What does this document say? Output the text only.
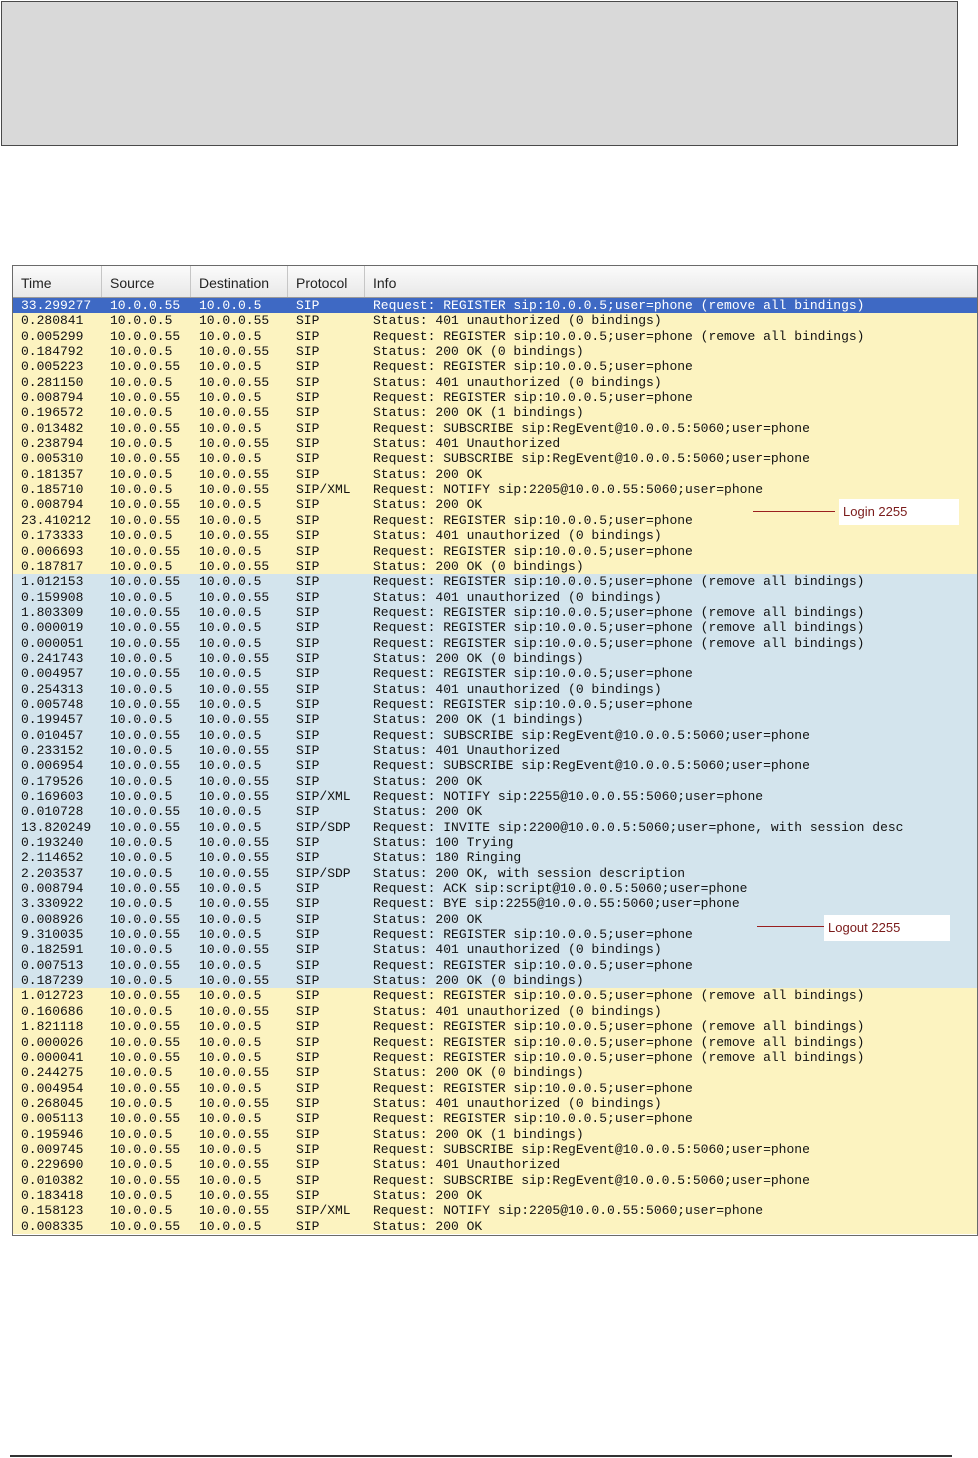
Time	Source	Destination	Protocol	Info
33.299277 10.0.0.55 10.0.0.5	SIP	Request: REGISTER sip:10.0.0.5;user=phone (remove all bindings)
0.280841 10.0.0.5 10.0.0.55 SIP	Status: 401 unauthorized (0 bindings)
0.005299 10.0.0.55 10.0.0.5	SIP	Request: REGISTER sip:10.0.0.5;user=phone (remove all bindings)
0.184792 10.0.0.5 10.0.0.55 SIP	Status: 200 OK (0 bindings)
0.005223 10.0.0.55 10.0.0.5	SIP	Request: REGISTER sip:10.0.0.5;user=phone
0.281150 10.0.0.5 10.0.0.55 SIP	Status: 401 unauthorized (0 bindings)
0.008794 10.0.0.55 10.0.0.5	SIP	Request: REGISTER sip:10.0.0.5;user=phone
0.196572 10.0.0.5 10.0.0.55 SIP	Status: 200 OK (1 bindings)
0.013482 10.0.0.55 10.0.0.5	SIP	Request: SUBSCRIBE sip:RegEvent@10.0.0.5:5060;user=phone
0.238794 10.0.0.5 10.0.0.55 SIP	Status: 401 Unauthorized
0.005310 10.0.0.55 10.0.0.5	SIP	Request: SUBSCRIBE sip:RegEvent@10.0.0.5:5060;user=phone
0.181357 10.0.0.5 10.0.0.55 SIP	Status: 200 OK
0.185710 10.0.0.5 10.0.0.55 SIP/XML Request: NOTIFY sip:2205@10.0.0.55:5060;user=phone
0.008794 10.0.0.55 10.0.0.5	SIP	Status: 200 OK
23.410212 10.0.0.55 10.0.0.5	SIP	Request: REGISTER sip:10.0.0.5;user=phone
0.173333 10.0.0.5 10.0.0.55 SIP	Status: 401 unauthorized (0 bindings)
0.006693 10.0.0.55 10.0.0.5	SIP	Request: REGISTER sip:10.0.0.5;user=phone
0.187817 10.0.0.5 10.0.0.55 SIP	Status: 200 OK (0 bindings)
1.012153 10.0.0.55 10.0.0.5	SIP	Request: REGISTER sip:10.0.0.5;user=phone (remove all bindings)
0.159908 10.0.0.5 10.0.0.55 SIP	Status: 401 unauthorized (0 bindings)
1.803309 10.0.0.55 10.0.0.5	SIP	Request: REGISTER sip:10.0.0.5;user=phone (remove all bindings)
0.000019 10.0.0.55 10.0.0.5	SIP	Request: REGISTER sip:10.0.0.5;user=phone (remove all bindings)
0.000051 10.0.0.55 10.0.0.5	SIP	Request: REGISTER sip:10.0.0.5;user=phone (remove all bindings)
0.241743 10.0.0.5 10.0.0.55 SIP	Status: 200 OK (0 bindings)
0.004957 10.0.0.55 10.0.0.5	SIP	Request: REGISTER sip:10.0.0.5;user=phone
0.254313 10.0.0.5 10.0.0.55 SIP	Status: 401 unauthorized (0 bindings)
0.005748 10.0.0.55 10.0.0.5	SIP	Request: REGISTER sip:10.0.0.5;user=phone
0.199457 10.0.0.5 10.0.0.55 SIP	Status: 200 OK (1 bindings)
0.010457 10.0.0.55 10.0.0.5	SIP	Request: SUBSCRIBE sip:RegEvent@10.0.0.5:5060;user=phone
0.233152 10.0.0.5 10.0.0.55 SIP	Status: 401 Unauthorized
0.006954 10.0.0.55 10.0.0.5	SIP	Request: SUBSCRIBE sip:RegEvent@10.0.0.5:5060;user=phone
0.179526 10.0.0.5 10.0.0.55 SIP	Status: 200 OK
0.169603 10.0.0.5 10.0.0.55 SIP/XML Request: NOTIFY sip:2255@10.0.0.55:5060;user=phone
0.010728 10.0.0.55 10.0.0.5	SIP	Status: 200 OK
13.820249 10.0.0.55 10.0.0.5	SIP/SDP Request: INVITE sip:2200@10.0.0.5:5060;user=phone, with session desc
0.193240 10.0.0.5 10.0.0.55 SIP	Status: 100 Trying
2.114652 10.0.0.5 10.0.0.55 SIP	Status: 180 Ringing
2.203537 10.0.0.5 10.0.0.55 SIP/SDP Status: 200 OK, with session description
0.008794 10.0.0.55 10.0.0.5	SIP	Request: ACK sip:script@10.0.0.5:5060;user=phone
3.330922 10.0.0.5 10.0.0.55 SIP	Request: BYE sip:2255@10.0.0.55:5060;user=phone
0.008926 10.0.0.55 10.0.0.5	SIP	Status: 200 OK
9.310035 10.0.0.55 10.0.0.5	SIP	Request: REGISTER sip:10.0.0.5;user=phone
0.182591 10.0.0.5 10.0.0.55 SIP	Status: 401 unauthorized (0 bindings)
0.007513 10.0.0.55 10.0.0.5	SIP	Request: REGISTER sip:10.0.0.5;user=phone
0.187239 10.0.0.5 10.0.0.55 SIP	Status: 200 OK (0 bindings)
1.012723 10.0.0.55 10.0.0.5	SIP	Request: REGISTER sip:10.0.0.5;user=phone (remove all bindings)
0.160686 10.0.0.5 10.0.0.55 SIP	Status: 401 unauthorized (0 bindings)
1.821118 10.0.0.55 10.0.0.5	SIP	Request: REGISTER sip:10.0.0.5;user=phone (remove all bindings)
0.000026 10.0.0.55 10.0.0.5	SIP	Request: REGISTER sip:10.0.0.5;user=phone (remove all bindings)
0.000041 10.0.0.55 10.0.0.5	SIP	Request: REGISTER sip:10.0.0.5;user=phone (remove all bindings)
0.244275 10.0.0.5 10.0.0.55 SIP	Status: 200 OK (0 bindings)
0.004954 10.0.0.55 10.0.0.5	SIP	Request: REGISTER sip:10.0.0.5;user=phone
0.268045 10.0.0.5 10.0.0.55 SIP	Status: 401 unauthorized (0 bindings)
0.005113 10.0.0.55 10.0.0.5	SIP	Request: REGISTER sip:10.0.0.5;user=phone
0.195946 10.0.0.5 10.0.0.55 SIP	Status: 200 OK (1 bindings)
0.009745 10.0.0.55 10.0.0.5	SIP	Request: SUBSCRIBE sip:RegEvent@10.0.0.5:5060;user=phone
0.229690 10.0.0.5 10.0.0.55 SIP	Status: 401 Unauthorized
0.010382 10.0.0.55 10.0.0.5	SIP	Request: SUBSCRIBE sip:RegEvent@10.0.0.5:5060;user=phone
0.183418 10.0.0.5 10.0.0.55 SIP	Status: 200 OK
0.158123 10.0.0.5 10.0.0.55 SIP/XML Request: NOTIFY sip:2205@10.0.0.55:5060;user=phone
0.008335 10.0.0.55 10.0.0.5	SIP	Status: 200 OK
Login 2255
Logout 2255
